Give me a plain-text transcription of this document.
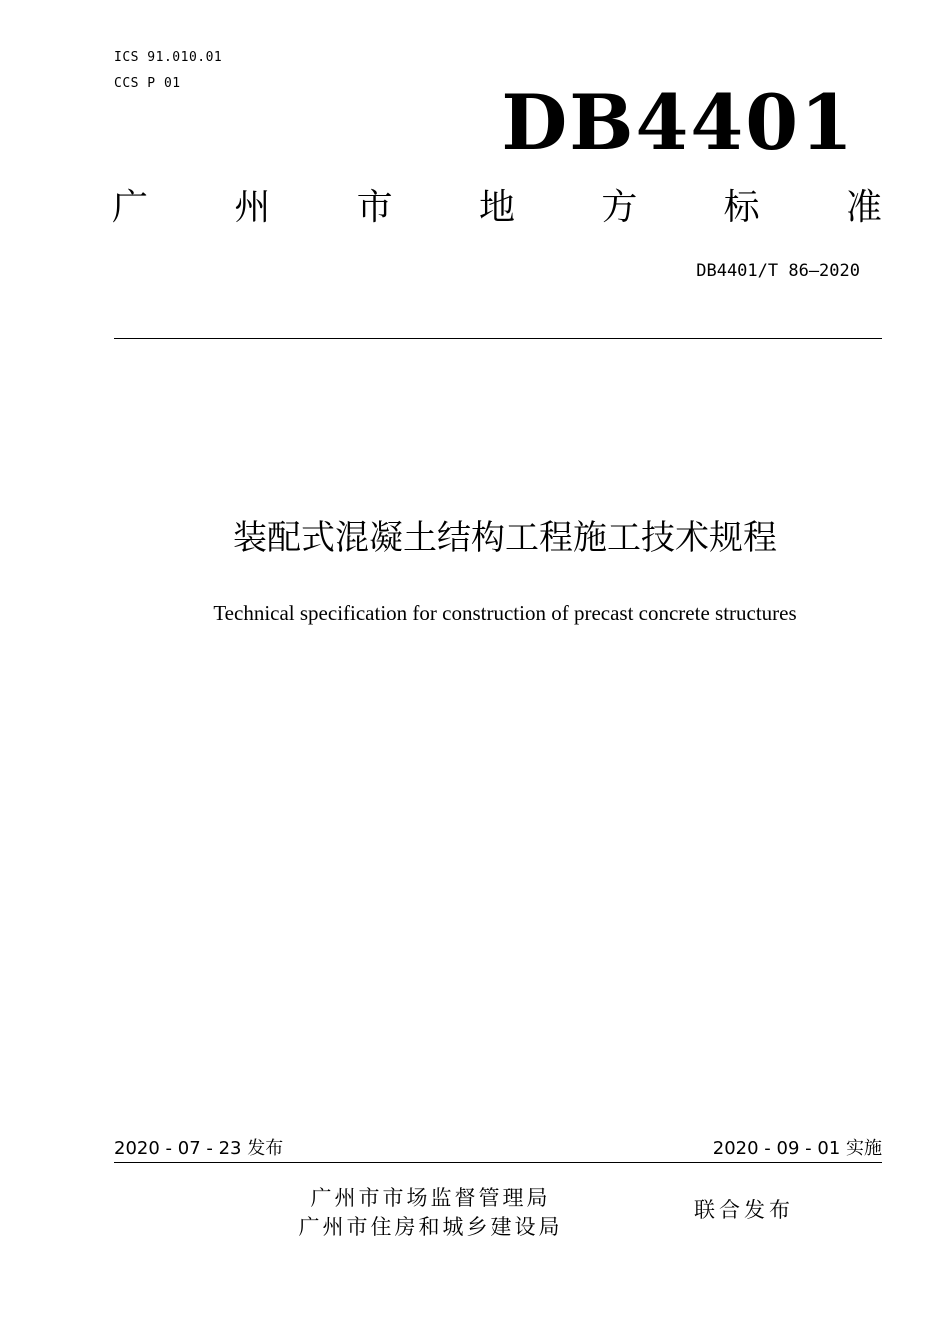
ICS 91.010.01
CCS P 01	DB4401
广 州 市 地 方 标 准
DB4401/T 86—2020
装配式混凝土结构工程施工技术规程
Technical specification for construction of precast concrete structures
2020 - 07 - 23 发布	2020 - 09 - 01 实施
广州市市场监督管理局
广州市住房和城乡建设局
联合发布
